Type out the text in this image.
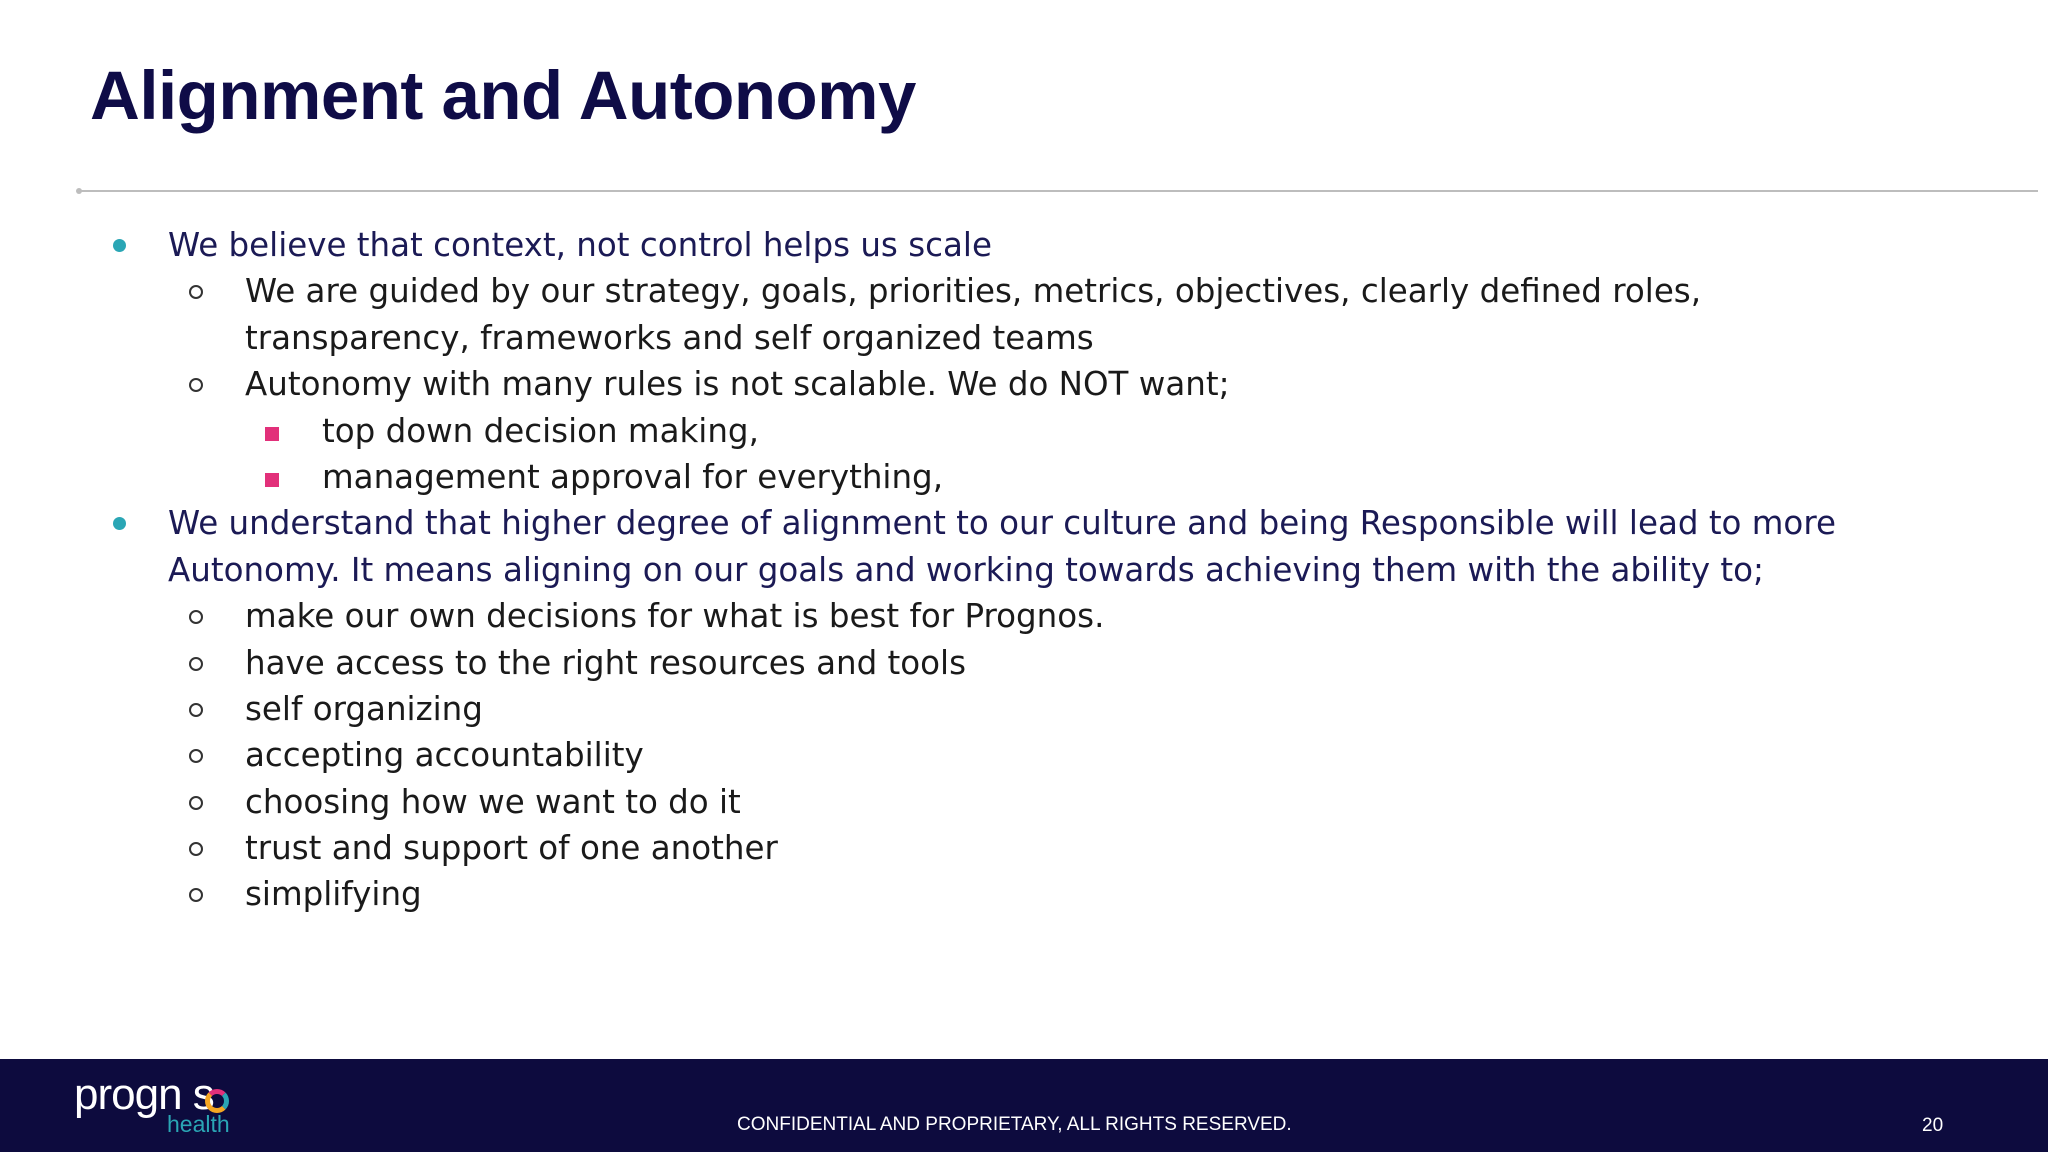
Alignment and Autonomy
We believe that context, not control helps us scale
We are guided by our strategy, goals, priorities, metrics, objectives, clearly defined roles,
transparency, frameworks and self organized teams
Autonomy with many rules is not scalable. We do NOT want;
top down decision making,
management approval for everything,
We understand that higher degree of alignment to our culture and being Responsible will lead to more
Autonomy. It means aligning on our goals and working towards achieving them with the ability to;
make our own decisions for what is best for Prognos.
have access to the right resources and tools
self organizing
accepting accountability
choosing how we want to do it
trust and support of one another
simplifying
progn s
health	CONFIDENTIAL AND PROPRIETARY, ALL RIGHTS RESERVED.	20
